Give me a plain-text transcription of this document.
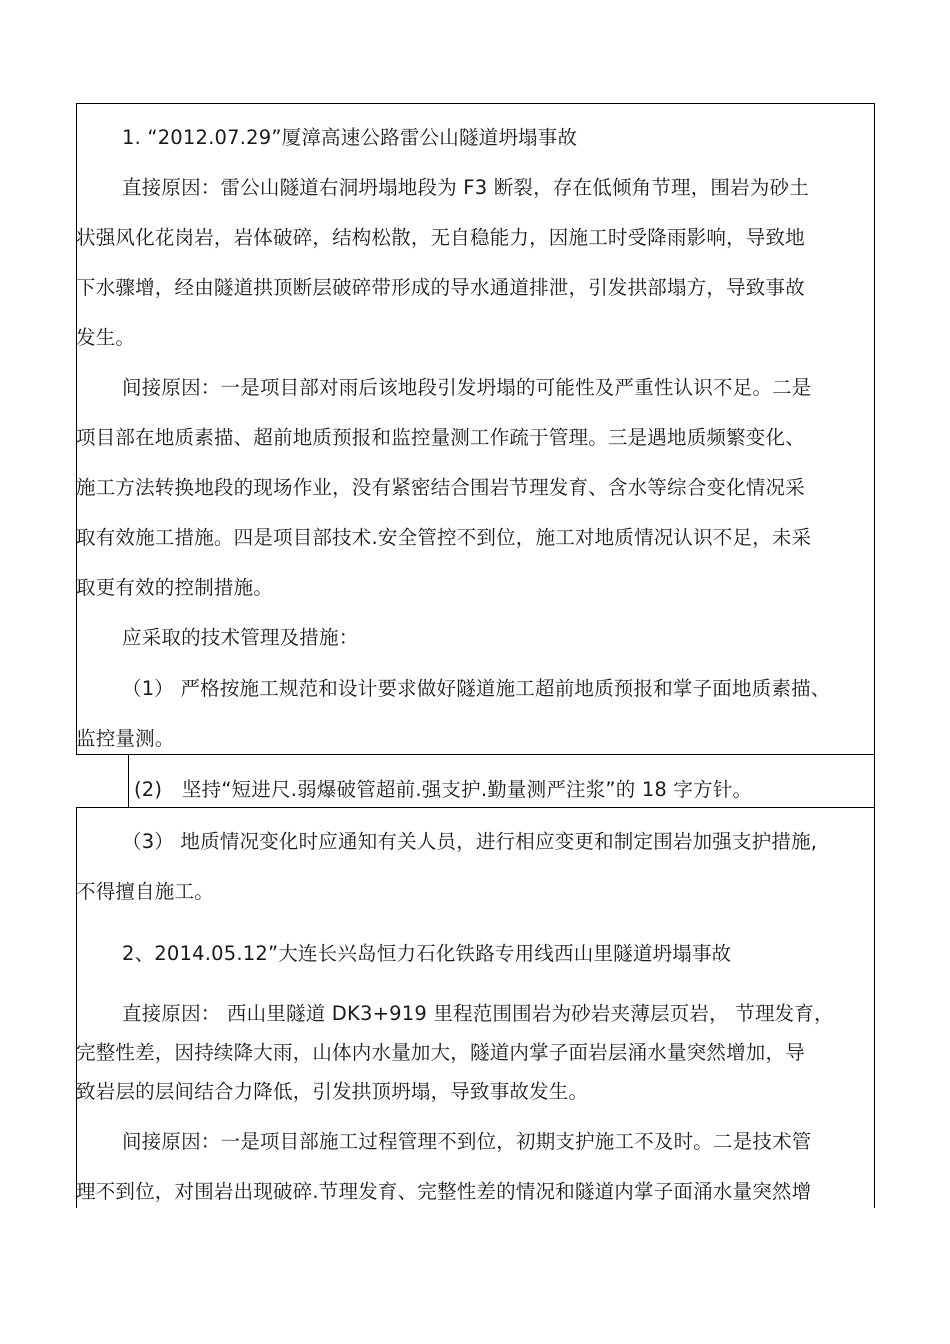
1. “2012.07.29”厦漳高速公路雷公山隧道坍塌事故
直接原因：雷公山隧道右洞坍塌地段为 F3 断裂，存在低倾角节理，围岩为砂土
状强风化花岗岩，岩体破碎，结构松散，无自稳能力，因施工时受降雨影响，导致地
下水骤增，经由隧道拱顶断层破碎带形成的导水通道排泄，引发拱部塌方，导致事故
发生。
间接原因：一是项目部对雨后该地段引发坍塌的可能性及严重性认识不足。二是
项目部在地质素描、超前地质预报和监控量测工作疏于管理。三是遇地质频繁变化、
施工方法转换地段的现场作业，没有紧密结合围岩节理发育、含水等综合变化情况采
取有效施工措施。四是项目部技术.安全管控不到位，施工对地质情况认识不足，未采
取更有效的控制措施。
应采取的技术管理及措施：
（1） 严格按施工规范和设计要求做好隧道施工超前地质预报和掌子面地质素描、
监控量测。
(2)　坚持“短进尺.弱爆破管超前.强支护.勤量测严注浆”的 18 字方针。
（3） 地质情况变化时应通知有关人员，进行相应变更和制定围岩加强支护措施,
不得擅自施工。
2、2014.05.12”大连长兴岛恒力石化铁路专用线西山里隧道坍塌事故
直接原因： 西山里隧道 DK3+919 里程范围围岩为砂岩夹薄层页岩， 节理发育，
完整性差，因持续降大雨，山体内水量加大，隧道内掌子面岩层涌水量突然增加，导
致岩层的层间结合力降低，引发拱顶坍塌，导致事故发生。
间接原因：一是项目部施工过程管理不到位，初期支护施工不及时。二是技术管
理不到位，对围岩出现破碎.节理发育、完整性差的情况和隧道内掌子面涌水量突然增
